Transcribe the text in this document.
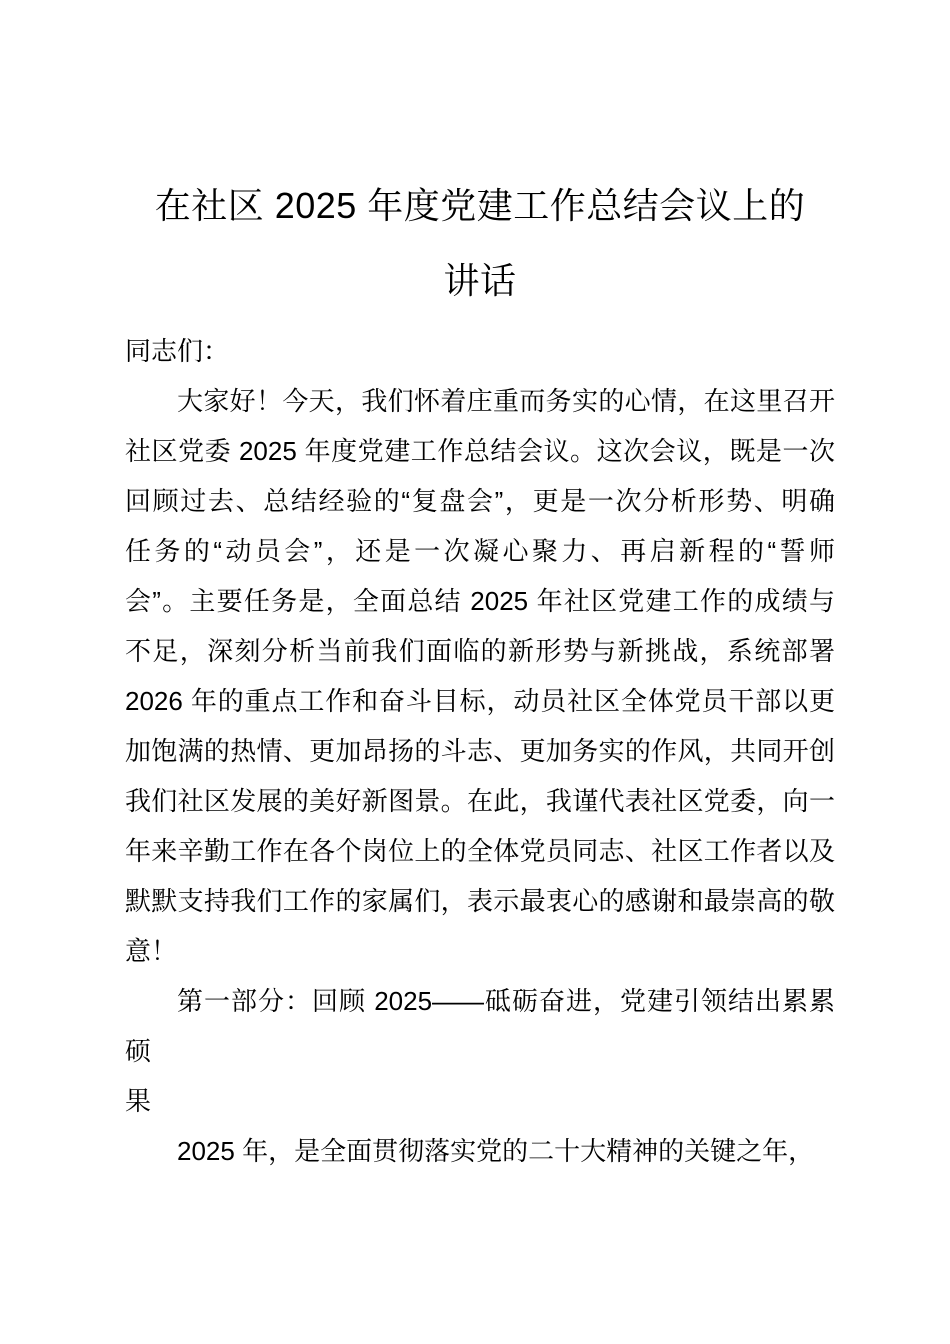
在社区 2025 年度党建工作总结会议上的
讲话
同志们：
大家好！今天，我们怀着庄重而务实的心情，在这里召开
社区党委 2025 年度党建工作总结会议。这次会议，既是一次
回顾过去、总结经验的“复盘会”，更是一次分析形势、明确
任务的“动员会”，还是一次凝心聚力、再启新程的“誓师
会”。主要任务是，全面总结 2025 年社区党建工作的成绩与
不足，深刻分析当前我们面临的新形势与新挑战，系统部署
2026 年的重点工作和奋斗目标，动员社区全体党员干部以更
加饱满的热情、更加昂扬的斗志、更加务实的作风，共同开创
我们社区发展的美好新图景。在此，我谨代表社区党委，向一
年来辛勤工作在各个岗位上的全体党员同志、社区工作者以及
默默支持我们工作的家属们，表示最衷心的感谢和最崇高的敬
意！
第一部分：回顾 2025——砥砺奋进，党建引领结出累累硕
果
2025 年，是全面贯彻落实党的二十大精神的关键之年，
